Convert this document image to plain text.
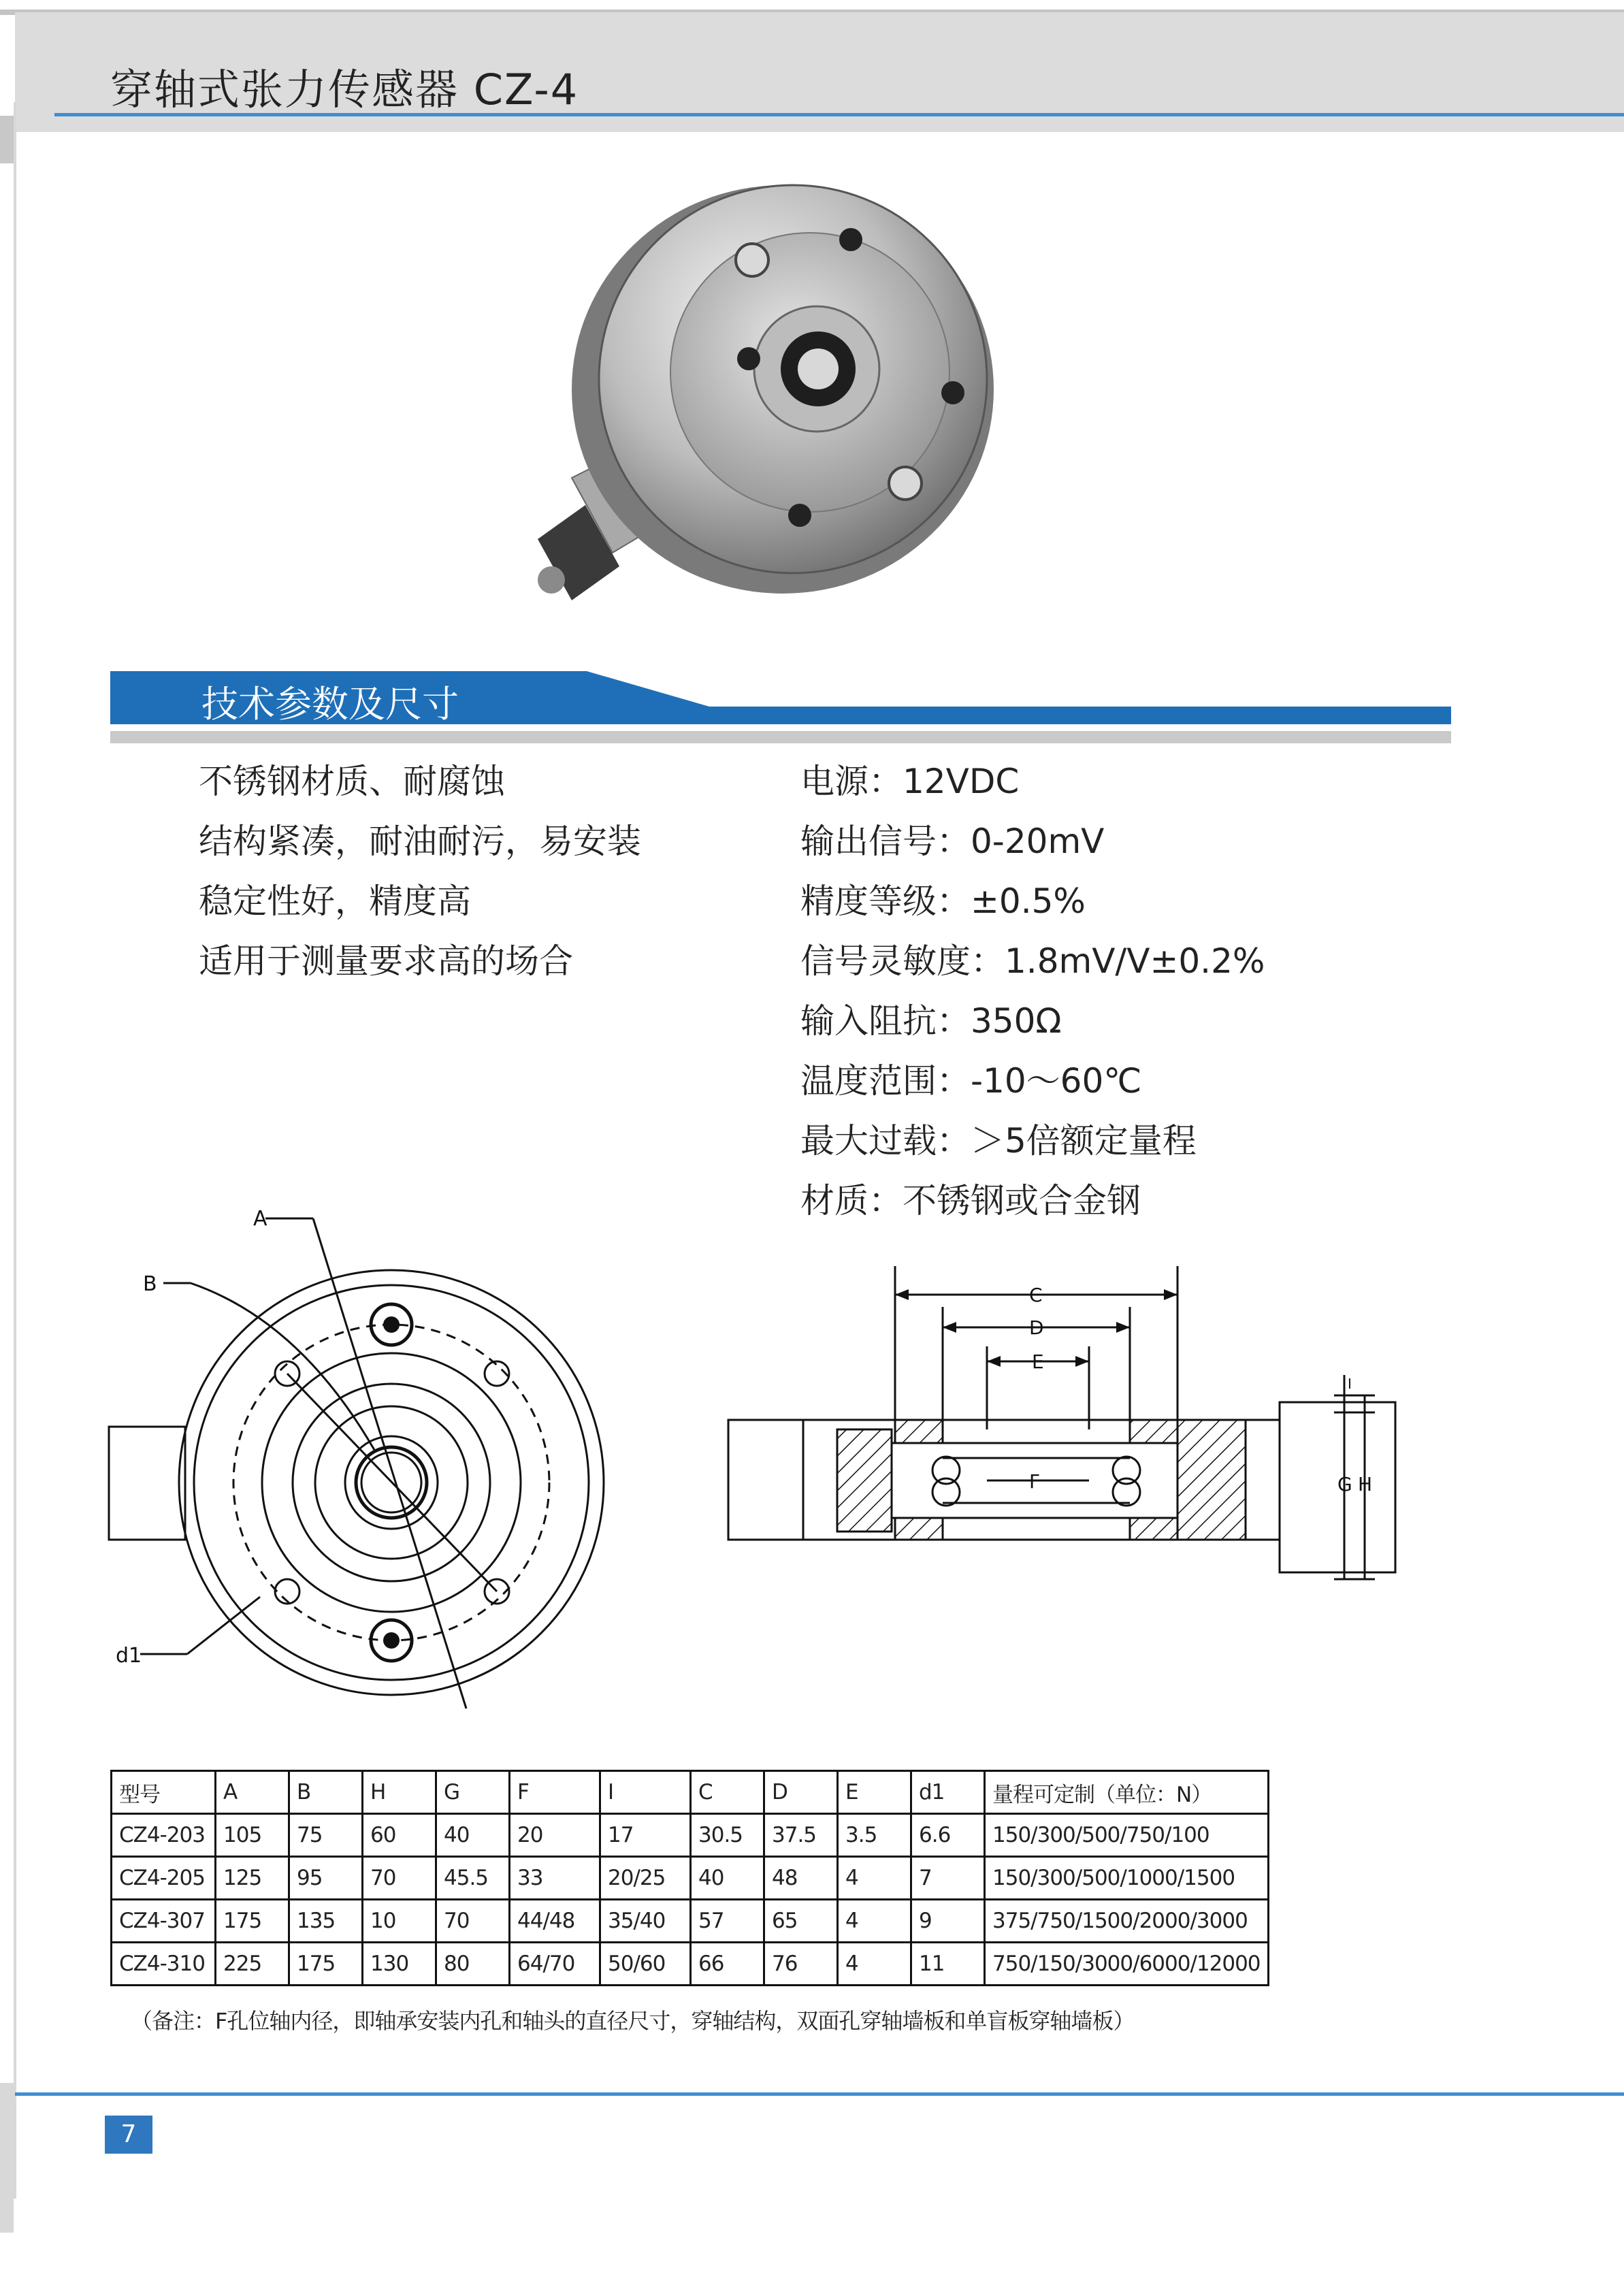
穿轴式张力传感器 CZ-4
技术参数及尺寸
不锈钢材质、耐腐蚀
结构紧凑，耐油耐污，易安装
稳定性好，精度高
适用于测量要求高的场合
电源：12VDC
输出信号：0-20mV
精度等级：±0.5%
信号灵敏度：1.8mV/V±0.2%
输入阻抗：350Ω
温度范围：-10～60℃
最大过载：＞5倍额定量程
材质：不锈钢或合金钢
A
B
d1
C
D
E
F	G H
I
型号	A	B	H	G	F	I	C	D	E	d1	量程可定制（单位：N）
CZ4-203	105	75	60	40	20	17	30.5	37.5	3.5	6.6	150/300/500/750/100
CZ4-205	125	95	70	45.5	33	20/25	40	48	4	7	150/300/500/1000/1500
CZ4-307	175	135	10	70	44/48	35/40	57	65	4	9	375/750/1500/2000/3000
CZ4-310	225	175	130	80	64/70	50/60	66	76	4	11	750/150/3000/6000/12000
（备注：F孔位轴内径，即轴承安装内孔和轴头的直径尺寸，穿轴结构，双面孔穿轴墙板和单盲板穿轴墙板）
7
